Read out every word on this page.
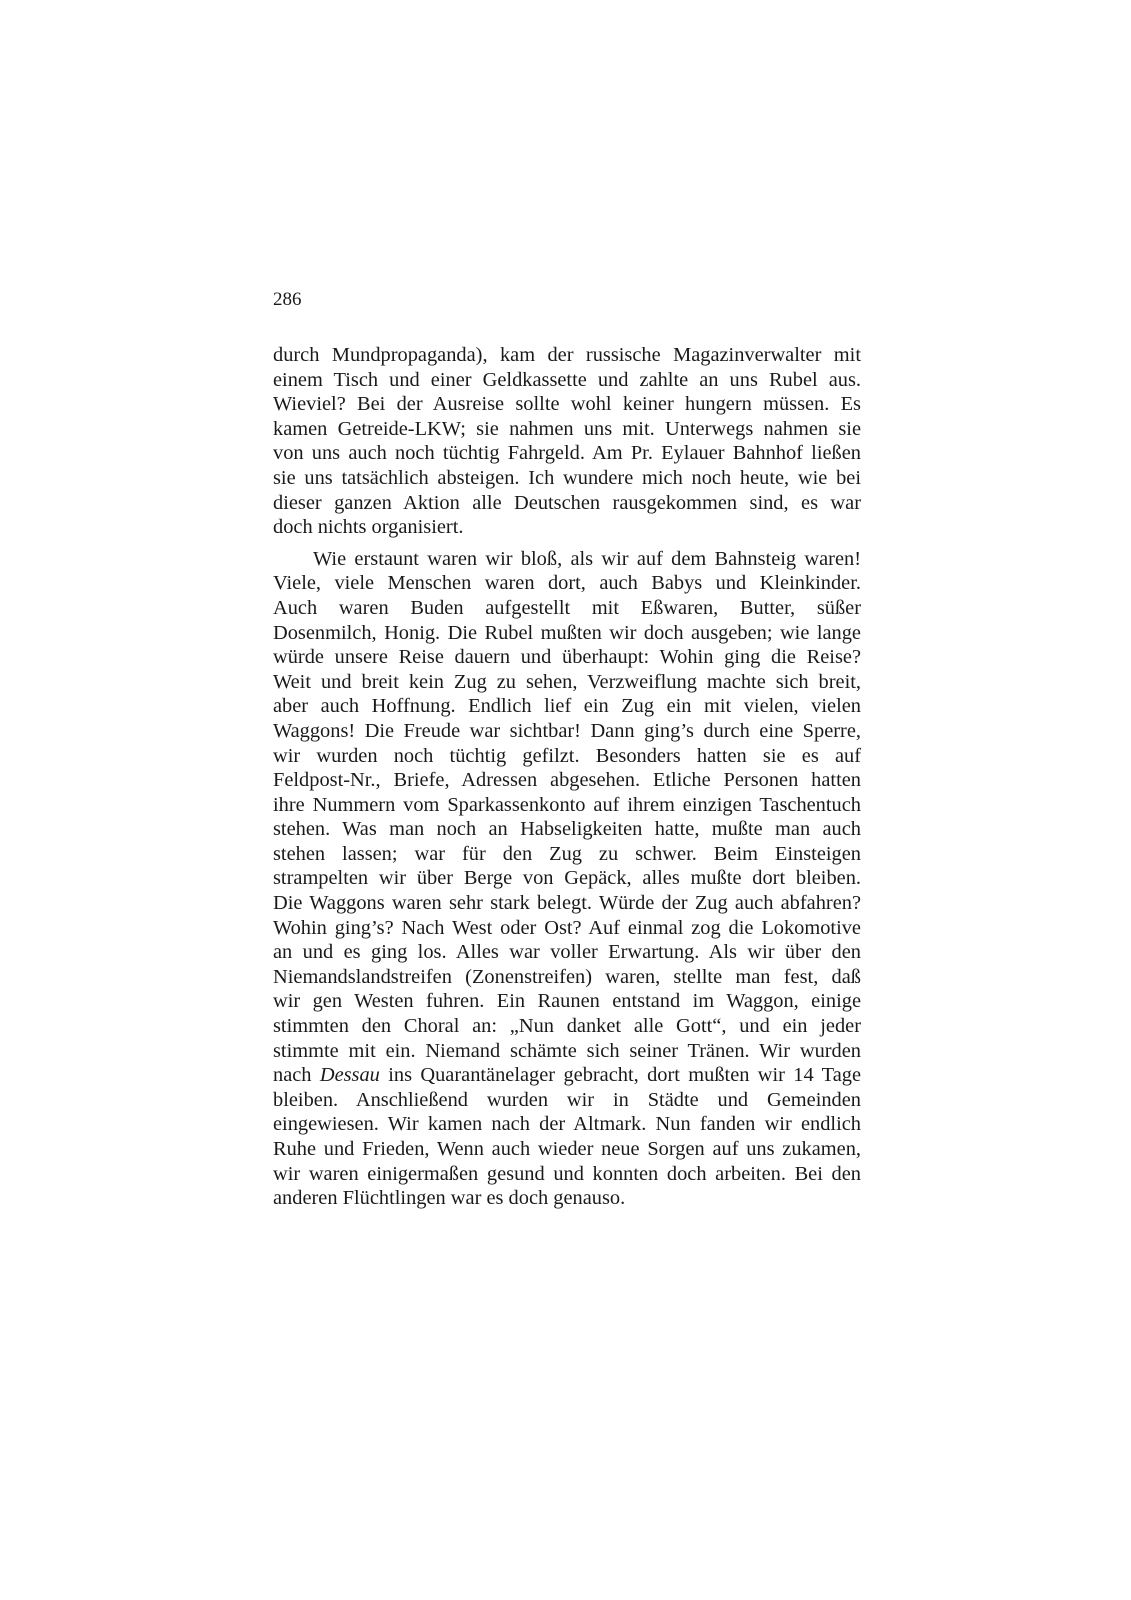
286

durch Mundpropaganda), kam der russische Magazinverwalter mit
einem Tisch und einer Geldkassette und zahlte an uns Rubel aus.
Wieviel? Bei der Ausreise sollte wohl keiner hungern müssen. Es
kamen Getreide-LKW; sie nahmen uns mit. Unterwegs nahmen sie
von uns auch noch tüchtig Fahrgeld. Am Pr. Eylauer Bahnhof ließen
sie uns tatsächlich absteigen. Ich wundere mich noch heute, wie bei
dieser ganzen Aktion alle Deutschen rausgekommen sind, es war
doch nichts organisiert.

Wie erstaunt waren wir bloß, als wir auf dem Bahnsteig waren!
Viele, viele Menschen waren dort, auch Babys und Kleinkinder.
Auch waren Buden aufgestellt mit Eßwaren, Butter, süßer
Dosenmilch, Honig. Die Rubel mußten wir doch ausgeben; wie lange
würde unsere Reise dauern und überhaupt: Wohin ging die Reise?
Weit und breit kein Zug zu sehen, Verzweiflung machte sich breit,
aber auch Hoffnung. Endlich lief ein Zug ein mit vielen, vielen
Waggons! Die Freude war sichtbar! Dann ging’s durch eine Sperre,
wir wurden noch tüchtig gefilzt. Besonders hatten sie es auf
Feldpost-Nr., Briefe, Adressen abgesehen. Etliche Personen hatten
ihre Nummern vom Sparkassenkonto auf ihrem einzigen Taschentuch
stehen. Was man noch an Habseligkeiten hatte, mußte man auch
stehen lassen; war für den Zug zu schwer. Beim Einsteigen
strampelten wir über Berge von Gepäck, alles mußte dort bleiben.
Die Waggons waren sehr stark belegt. Würde der Zug auch abfahren?
Wohin ging’s? Nach West oder Ost? Auf einmal zog die Lokomotive
an und es ging los. Alles war voller Erwartung. Als wir über den
Niemandslandstreifen (Zonenstreifen) waren, stellte man fest, daß
wir gen Westen fuhren. Ein Raunen entstand im Waggon, einige
stimmten den Choral an: „Nun danket alle Gott“, und ein jeder
stimmte mit ein. Niemand schämte sich seiner Tränen. Wir wurden
nach Dessau ins Quarantänelager gebracht, dort mußten wir 14 Tage
bleiben. Anschließend wurden wir in Städte und Gemeinden
eingewiesen. Wir kamen nach der Altmark. Nun fanden wir endlich
Ruhe und Frieden, Wenn auch wieder neue Sorgen auf uns zukamen,
wir waren einigermaßen gesund und konnten doch arbeiten. Bei den
anderen Flüchtlingen war es doch genauso.
